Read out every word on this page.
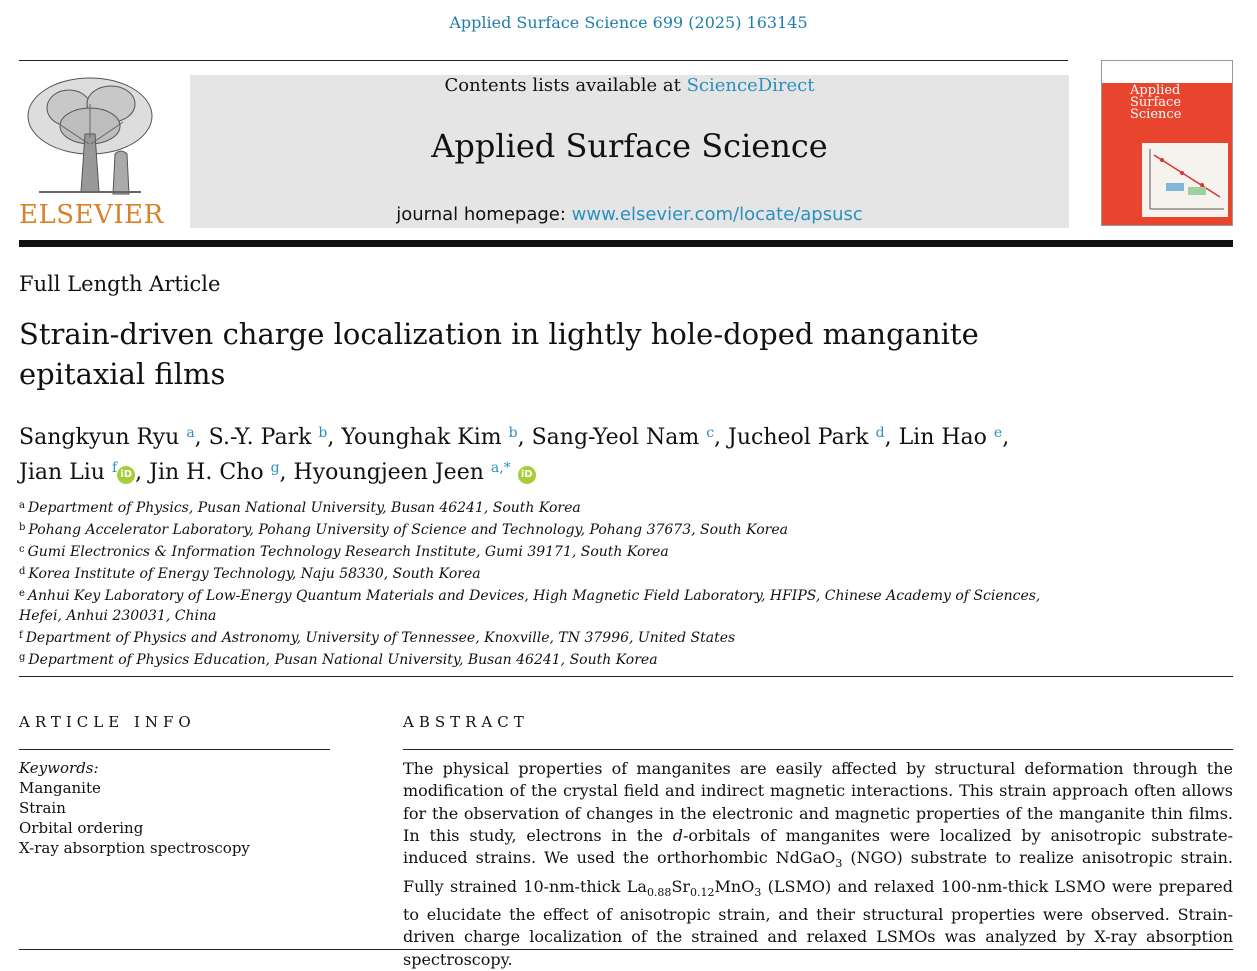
Applied Surface Science 699 (2025) 163145
ELSEVIER
Contents lists available at ScienceDirect
Applied Surface Science
journal homepage: www.elsevier.com/locate/apsusc
Applied
Surface Science
Full Length Article
Strain-driven charge localization in lightly hole-doped manganite epitaxial films
Sangkyun Ryu $^a$, S.-Y. Park $^b$, Younghak Kim $^b$, Sang-Yeol Nam $^c$, Jucheol Park $^d$, Lin Hao $^e$,
Jian Liu $^f$ iD , Jin H. Cho $^g$, Hyoungjeen Jeen $^{a,*}$ iD
$^a$ Department of Physics, Pusan National University, Busan 46241, South Korea
$^b$ Pohang Accelerator Laboratory, Pohang University of Science and Technology, Pohang 37673, South Korea
$^c$ Gumi Electronics & Information Technology Research Institute, Gumi 39171, South Korea
$^d$ Korea Institute of Energy Technology, Naju 58330, South Korea
$^e$ Anhui Key Laboratory of Low-Energy Quantum Materials and Devices, High Magnetic Field Laboratory, HFIPS, Chinese Academy of Sciences, Hefei, Anhui 230031, China
$^f$ Department of Physics and Astronomy, University of Tennessee, Knoxville, TN 37996, United States
$^g$ Department of Physics Education, Pusan National University, Busan 46241, South Korea
ARTICLE INFO	ABSTRACT
Keywords:
Manganite
Strain
Orbital ordering
X-ray absorption spectroscopy
The physical properties of manganites are easily affected by structural deformation through the modification of the crystal field and indirect magnetic interactions. This strain approach often allows for the observation of changes in the electronic and magnetic properties of the manganite thin films. In this study, electrons in the d-orbitals of manganites were localized by anisotropic substrate-induced strains. We used the orthorhombic NdGaO$_3$ (NGO) substrate to realize anisotropic strain. Fully strained 10-nm-thick $La_{0.88}Sr_{0.12}MnO_3$ (LSMO) and relaxed 100-nm-thick LSMO were prepared to elucidate the effect of anisotropic strain, and their structural properties were observed. Strain-driven charge localization of the strained and relaxed LSMOs was analyzed by X-ray absorption spectroscopy.
